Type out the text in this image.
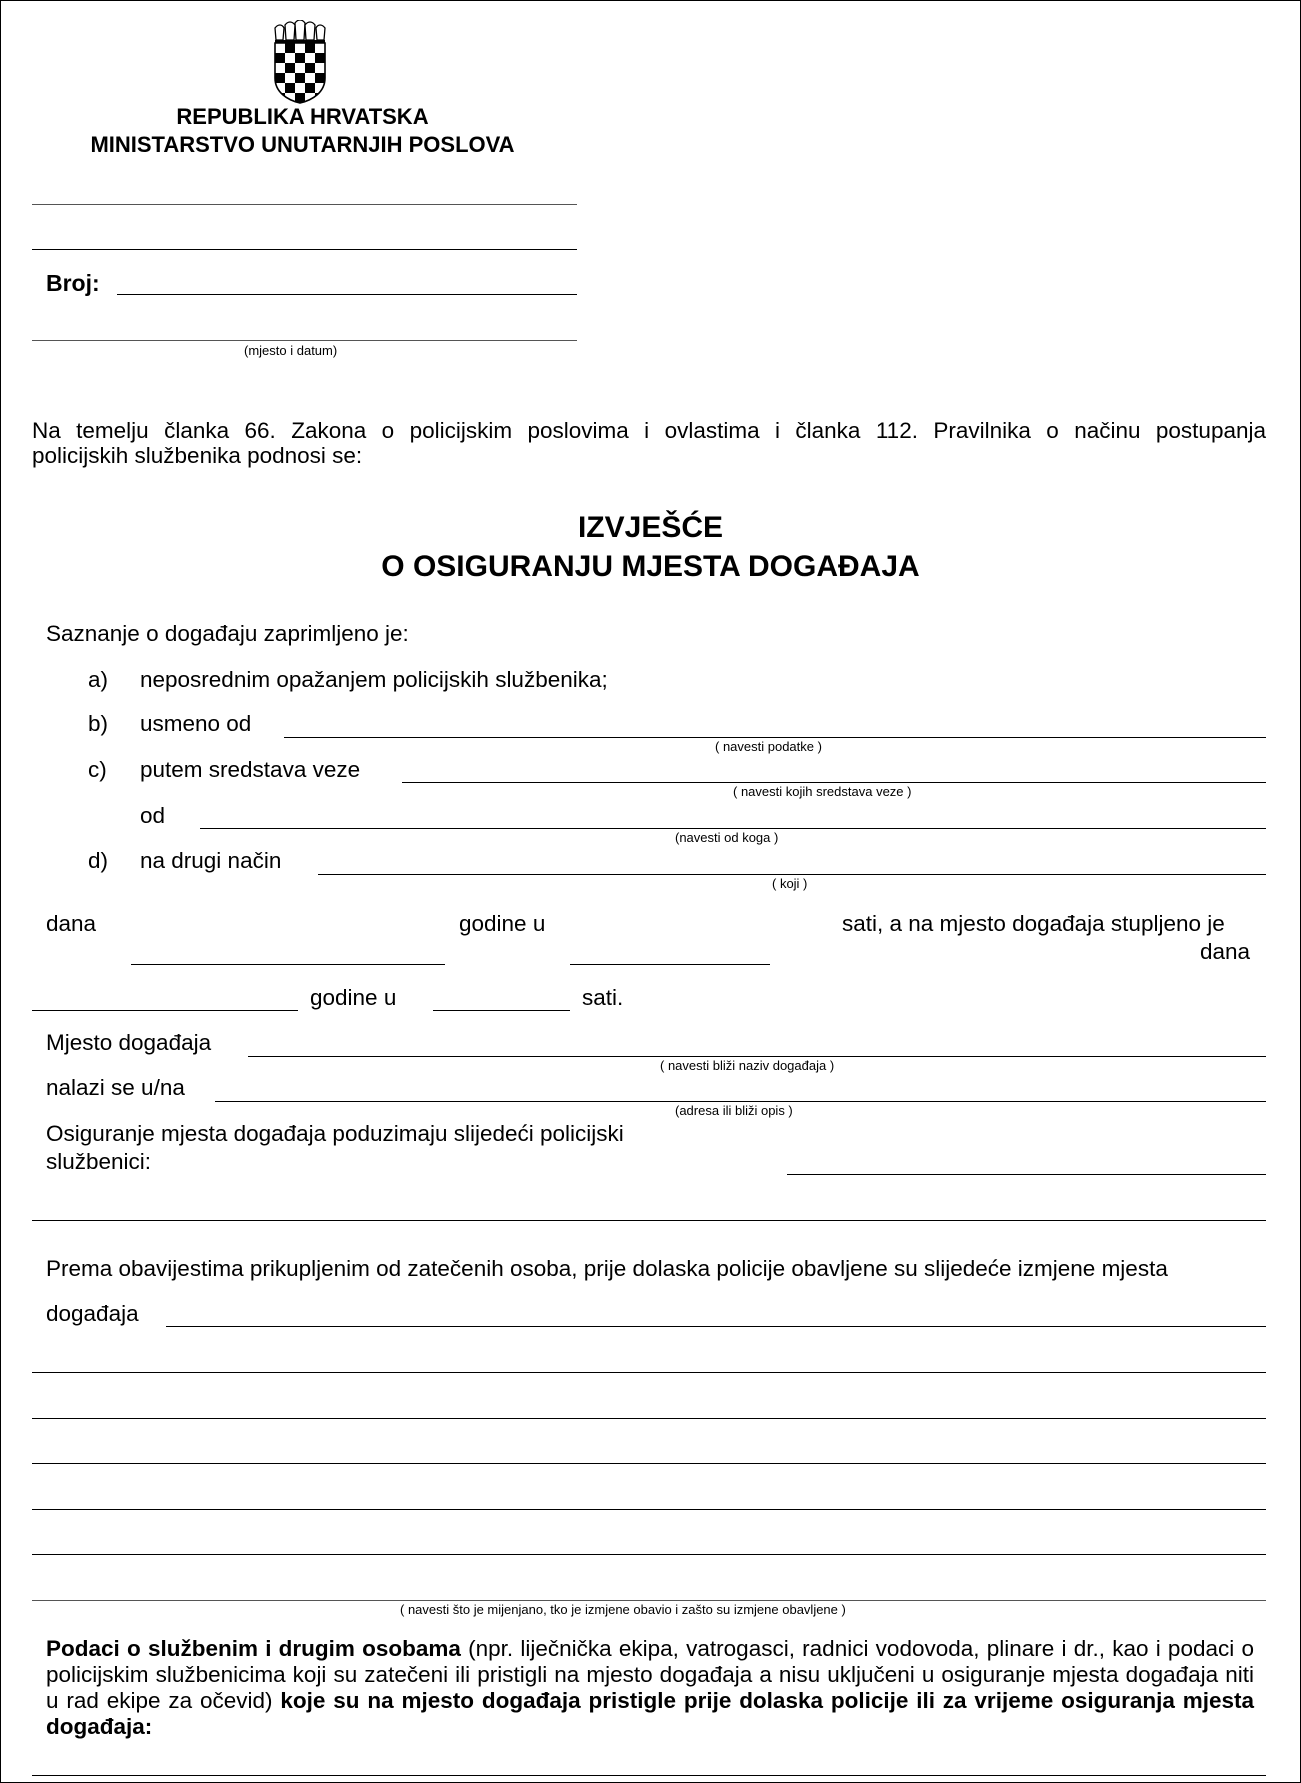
REPUBLIKA HRVATSKA
MINISTARSTVO UNUTARNJIH POSLOVA
Broj:
(mjesto i datum)
Na temelju članka 66. Zakona o policijskim poslovima i ovlastima i članka 112. Pravilnika o načinu postupanja
policijskih službenika podnosi se:
IZVJEŠĆE
O OSIGURANJU MJESTA DOGAĐAJA
Saznanje o događaju zaprimljeno je:
a) neposrednim opažanjem policijskih službenika;
b) usmeno od
( navesti podatke )
c) putem sredstava veze
( navesti kojih sredstava veze )
od
(navesti od koga )
d) na drugi način
( koji )
dana	godine u	sati, a na mjesto događaja stupljeno je
dana
godine u	sati.
Mjesto događaja
( navesti bliži naziv događaja )
nalazi se u/na
(adresa ili bliži opis )
Osiguranje mjesta događaja poduzimaju slijedeći policijski
službenici:
Prema obavijestima prikupljenim od zatečenih osoba, prije dolaska policije obavljene su slijedeće izmjene mjesta
događaja
( navesti što je mijenjano, tko je izmjene obavio i zašto su izmjene obavljene )
Podaci o službenim i drugim osobama (npr. liječnička ekipa, vatrogasci, radnici vodovoda, plinare i dr., kao i podaci o policijskim službenicima koji su zatečeni ili pristigli na mjesto događaja a nisu uključeni u osiguranje mjesta događaja niti u rad ekipe za očevid) koje su na mjesto događaja pristigle prije dolaska policije ili za vrijeme osiguranja mjesta događaja:
